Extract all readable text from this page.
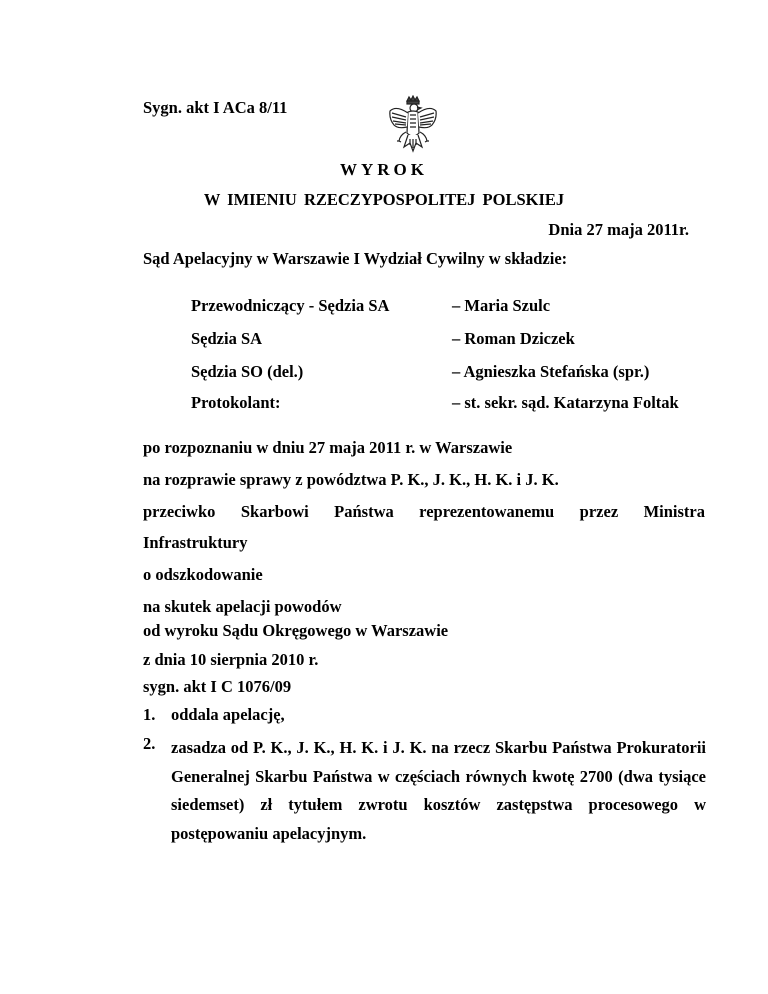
Sygn. akt I ACa 8/11
WYROK
W IMIENIU RZECZYPOSPOLITEJ POLSKIEJ
Dnia 27 maja 2011r.
Sąd Apelacyjny w Warszawie I Wydział Cywilny w składzie:
Przewodniczący - Sędzia SA	– Maria Szulc
Sędzia SA	– Roman Dziczek
Sędzia SO (del.)	– Agnieszka Stefańska (spr.)
Protokolant:	– st. sekr. sąd. Katarzyna Foltak
po rozpoznaniu w dniu 27 maja 2011 r. w Warszawie
na rozprawie sprawy z powództwa P. K., J. K., H. K. i J. K.
przeciwko Skarbowi Państwa reprezentowanemu przez Ministra
Infrastruktury
o odszkodowanie
na skutek apelacji powodów
od wyroku Sądu Okręgowego w Warszawie
z dnia 10 sierpnia 2010 r.
sygn. akt I C 1076/09
1. oddala apelację,
2. zasadza od P. K., J. K., H. K. i J. K. na rzecz Skarbu Państwa Prokuratorii Generalnej Skarbu Państwa w częściach równych kwotę 2700 (dwa tysiące siedemset) zł tytułem zwrotu kosztów zastępstwa procesowego w postępowaniu apelacyjnym.
